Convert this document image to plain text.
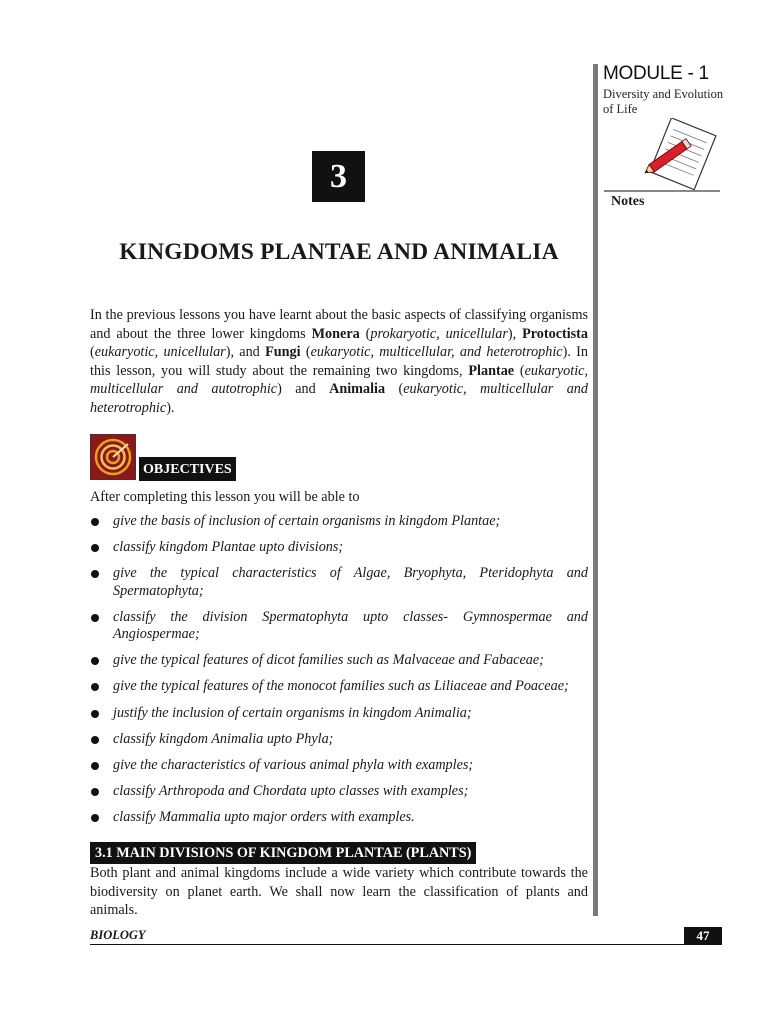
MODULE - 1
Diversity and Evolution of Life
Notes
3
KINGDOMS PLANTAE AND ANIMALIA
In the previous lessons you have learnt about the basic aspects of classifying organisms and about the three lower kingdoms Monera (prokaryotic, unicellular), Protoctista (eukaryotic, unicellular), and Fungi (eukaryotic, multicellular, and heterotrophic). In this lesson, you will study about the remaining two kingdoms, Plantae (eukaryotic, multicellular and autotrophic) and Animalia (eukaryotic, multicellular and heterotrophic).
OBJECTIVES
After completing this lesson you will be able to
give the basis of inclusion of certain organisms in kingdom Plantae;
classify kingdom Plantae upto divisions;
give the typical characteristics of Algae, Bryophyta, Pteridophyta and Spermatophyta;
classify the division Spermatophyta upto classes- Gymnospermae and Angiospermae;
give the typical features of dicot families such as Malvaceae and Fabaceae;
give the typical features of the monocot families such as Liliaceae and Poaceae;
justify the inclusion of certain organisms in kingdom Animalia;
classify kingdom Animalia upto Phyla;
give the characteristics of various animal phyla with examples;
classify Arthropoda and Chordata upto classes with examples;
classify Mammalia upto major orders with examples.
3.1 MAIN DIVISIONS OF KINGDOM PLANTAE (PLANTS)
Both plant and animal kingdoms include a wide variety which contribute towards the biodiversity on planet earth. We shall now learn the classification of plants and animals.
BIOLOGY	47
